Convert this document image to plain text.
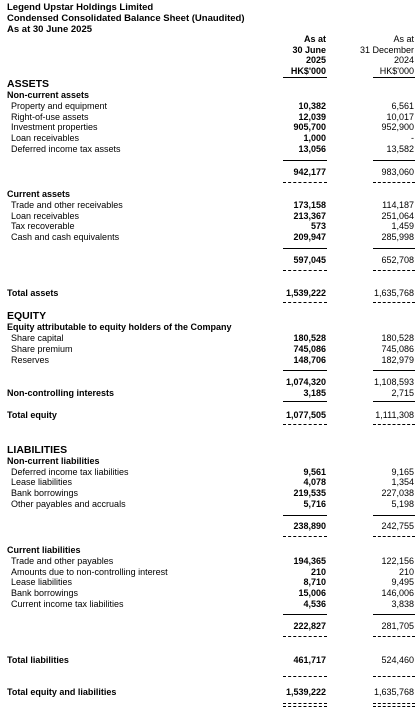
Legend Upstar Holdings Limited
Condensed Consolidated Balance Sheet (Unaudited)
As at 30 June 2025
As at
30 June
2025
HK$'000
As at
31 December
2024
HK$'000
ASSETS
Non-current assets
Property and equipment	10,382	6,561
Right-of-use assets	12,039	10,017
Investment properties	905,700	952,900
Loan receivables	1,000	-
Deferred income tax assets	13,056	13,582
942,177	983,060
Current assets
Trade and other receivables	173,158	114,187
Loan receivables	213,367	251,064
Tax recoverable	573	1,459
Cash and cash equivalents	209,947	285,998
597,045	652,708
Total assets	1,539,222	1,635,768
EQUITY
Equity attributable to equity holders of the Company
Share capital	180,528	180,528
Share premium	745,086	745,086
Reserves	148,706	182,979
1,074,320	1,108,593
Non-controlling interests	3,185	2,715
Total equity	1,077,505	1,111,308
LIABILITIES
Non-current liabilities
Deferred income tax liabilities	9,561	9,165
Lease liabilities	4,078	1,354
Bank borrowings	219,535	227,038
Other payables and accruals	5,716	5,198
238,890	242,755
Current liabilities
Trade and other payables	194,365	122,156
Amounts due to non-controlling interest	210	210
Lease liabilities	8,710	9,495
Bank borrowings	15,006	146,006
Current income tax liabilities	4,536	3,838
222,827	281,705
Total liabilities	461,717	524,460
Total equity and liabilities	1,539,222	1,635,768
